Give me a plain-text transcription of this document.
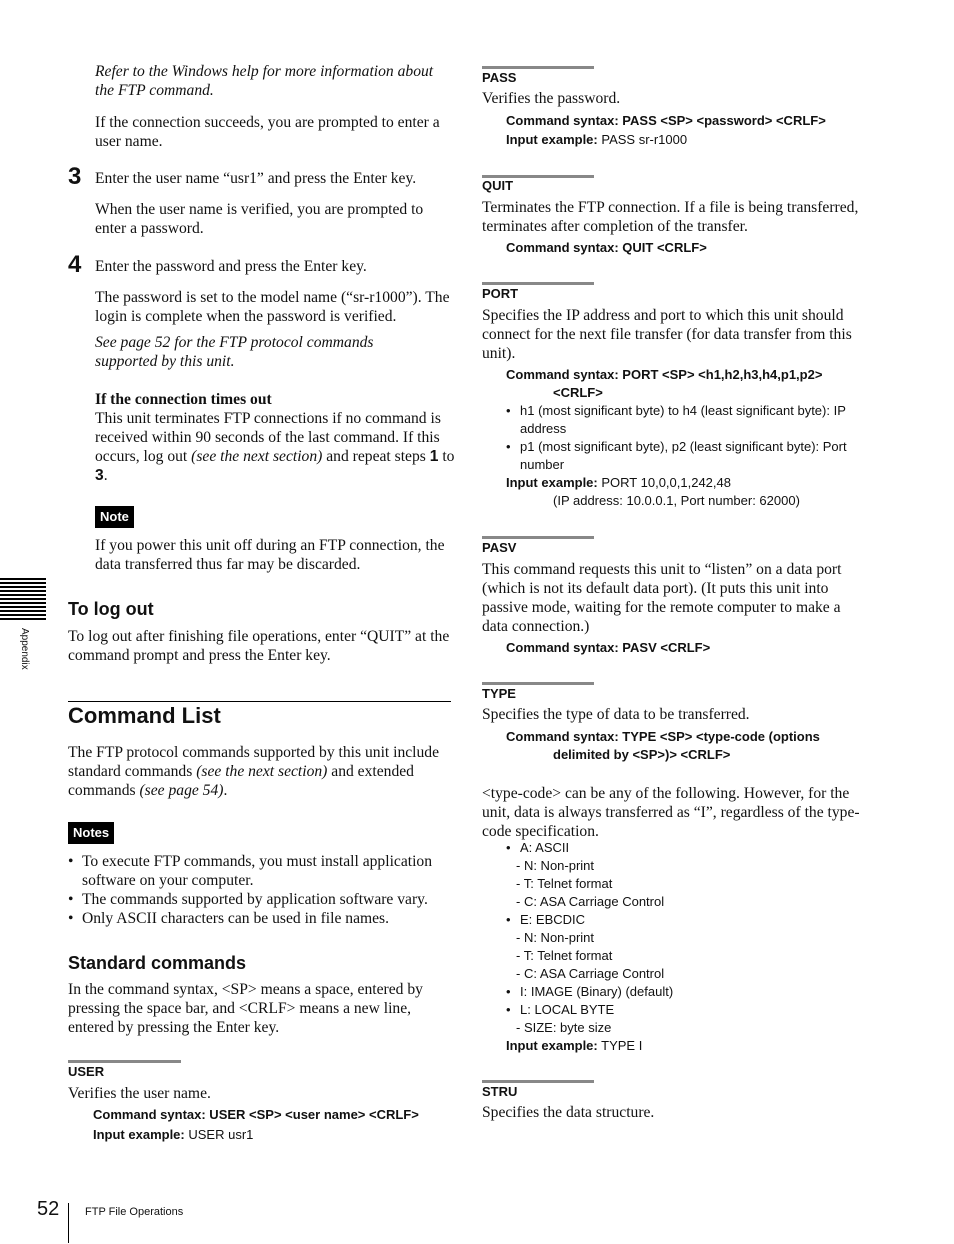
Appendix
Refer to the Windows help for more information about the FTP command.
If the connection succeeds, you are prompted to enter a user name.
3 Enter the user name “usr1” and press the Enter key.
When the user name is verified, you are prompted to enter a password.
4 Enter the password and press the Enter key.
The password is set to the model name (“sr-r1000”). The login is complete when the password is verified.
See page 52 for the FTP protocol commands supported by this unit.
If the connection times out
This unit terminates FTP connections if no command is received within 90 seconds of the last command. If this occurs, log out (see the next section) and repeat steps 1 to 3.
Note
If you power this unit off during an FTP connection, the data transferred thus far may be discarded.
To log out
To log out after finishing file operations, enter “QUIT” at the command prompt and press the Enter key.
Command List
The FTP protocol commands supported by this unit include standard commands (see the next section) and extended commands (see page 54).
Notes
• To execute FTP commands, you must install application software on your computer.
• The commands supported by application software vary.
• Only ASCII characters can be used in file names.
Standard commands
In the command syntax, <SP> means a space, entered by pressing the space bar, and <CRLF> means a new line, entered by pressing the Enter key.
USER
Verifies the user name.
Command syntax: USER <SP> <user name> <CRLF>
Input example: USER usr1
PASS
Verifies the password.
Command syntax: PASS <SP> <password> <CRLF>
Input example: PASS sr-r1000
QUIT
Terminates the FTP connection. If a file is being transferred, terminates after completion of the transfer.
Command syntax: QUIT <CRLF>
PORT
Specifies the IP address and port to which this unit should connect for the next file transfer (for data transfer from this unit).
Command syntax: PORT <SP> <h1,h2,h3,h4,p1,p2>
<CRLF>
• h1 (most significant byte) to h4 (least significant byte): IP address
• p1 (most significant byte), p2 (least significant byte): Port number
Input example: PORT 10,0,0,1,242,48
(IP address: 10.0.0.1, Port number: 62000)
PASV
This command requests this unit to “listen” on a data port (which is not its default data port). (It puts this unit into passive mode, waiting for the remote computer to make a data connection.)
Command syntax: PASV <CRLF>
TYPE
Specifies the type of data to be transferred.
Command syntax: TYPE <SP> <type-code (options
delimited by <SP>)> <CRLF>
<type-code> can be any of the following. However, for the unit, data is always transferred as “I”, regardless of the type-code specification.
• A: ASCII
- N: Non-print
- T: Telnet format
- C: ASA Carriage Control
• E: EBCDIC
- N: Non-print
- T: Telnet format
- C: ASA Carriage Control
• I: IMAGE (Binary) (default)
• L: LOCAL BYTE
- SIZE: byte size
Input example: TYPE I
STRU
Specifies the data structure.
52 FTP File Operations
